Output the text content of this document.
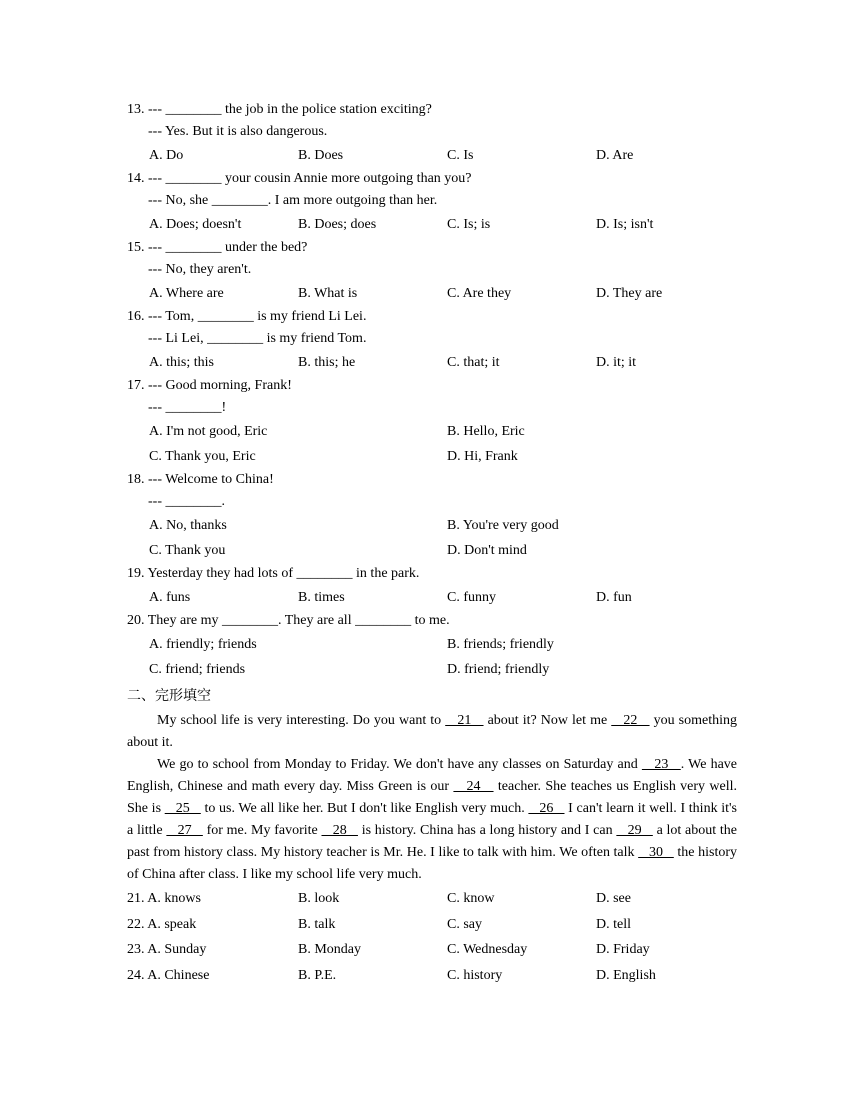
13. --- ________ the job in the police station exciting?
--- Yes. But it is also dangerous.
A. Do	B. Does	C. Is	D. Are
14. --- ________ your cousin Annie more outgoing than you?
--- No, she ________. I am more outgoing than her.
A. Does; doesn't	B. Does; does	C. Is; is	D. Is; isn't
15. --- ________ under the bed?
--- No, they aren't.
A. Where are	B. What is	C. Are they	D. They are
16. --- Tom, ________ is my friend Li Lei.
--- Li Lei, ________ is my friend Tom.
A. this; this	B. this; he	C. that; it	D. it; it
17. --- Good morning, Frank!
--- ________!
A. I'm not good, Eric	B. Hello, Eric
C. Thank you, Eric	D. Hi, Frank
18. --- Welcome to China!
--- ________.
A. No, thanks	B. You're very good
C. Thank you	D. Don't mind
19. Yesterday they had lots of ________ in the park.
A. funs	B. times	C. funny	D. fun
20. They are my ________. They are all ________ to me.
A. friendly; friends	B. friends; friendly
C. friend; friends	D. friend; friendly
二、完形填空
My school life is very interesting. Do you want to    21    about it? Now let me    22    you something about it.
We go to school from Monday to Friday. We don't have any classes on Saturday and    23   . We have English, Chinese and math every day. Miss Green is our    24    teacher. She teaches us English very well. She is    25    to us. We all like her. But I don't like English very much.    26    I can't learn it well. I think it's a little    27    for me. My favorite    28    is history. China has a long history and I can    29    a lot about the past from history class. My history teacher is Mr. He. I like to talk with him. We often talk    30    the history of China after class. I like my school life very much.
21. A. knows	B. look	C. know	D. see
22. A. speak	B. talk	C. say	D. tell
23. A. Sunday	B. Monday	C. Wednesday	D. Friday
24. A. Chinese	B. P.E.	C. history	D. English
